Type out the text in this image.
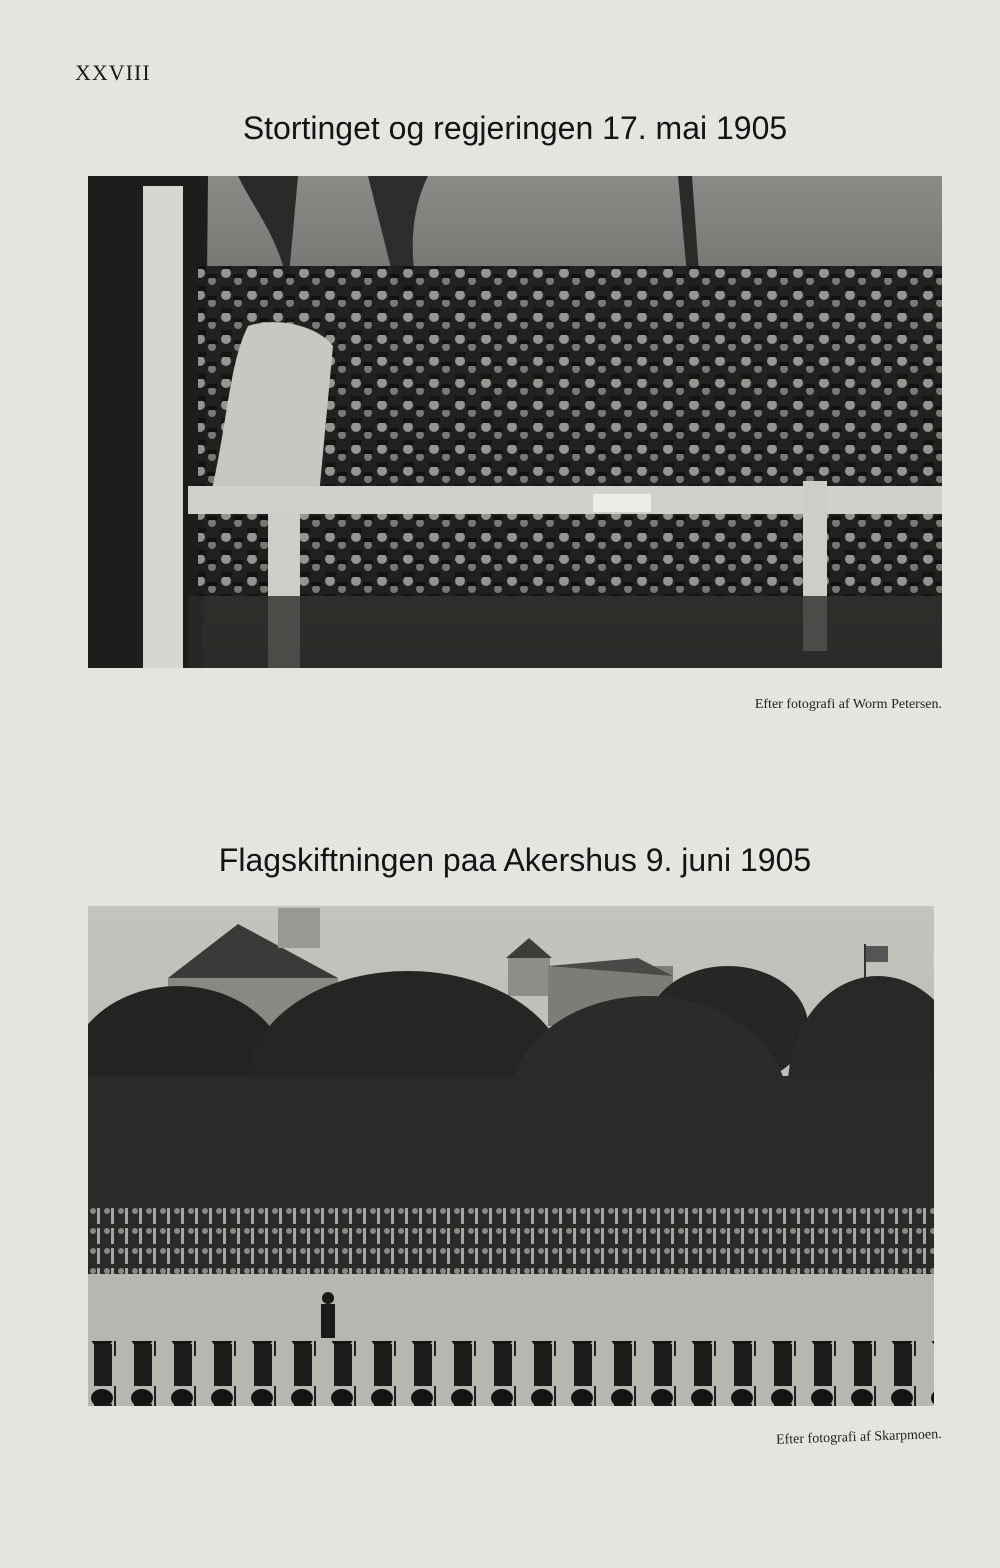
XXVIII
Stortinget og regjeringen 17. mai 1905
Efter fotografi af Worm Petersen.
Flagskiftningen paa Akershus 9. juni 1905
Efter fotografi af Skarpmoen.
